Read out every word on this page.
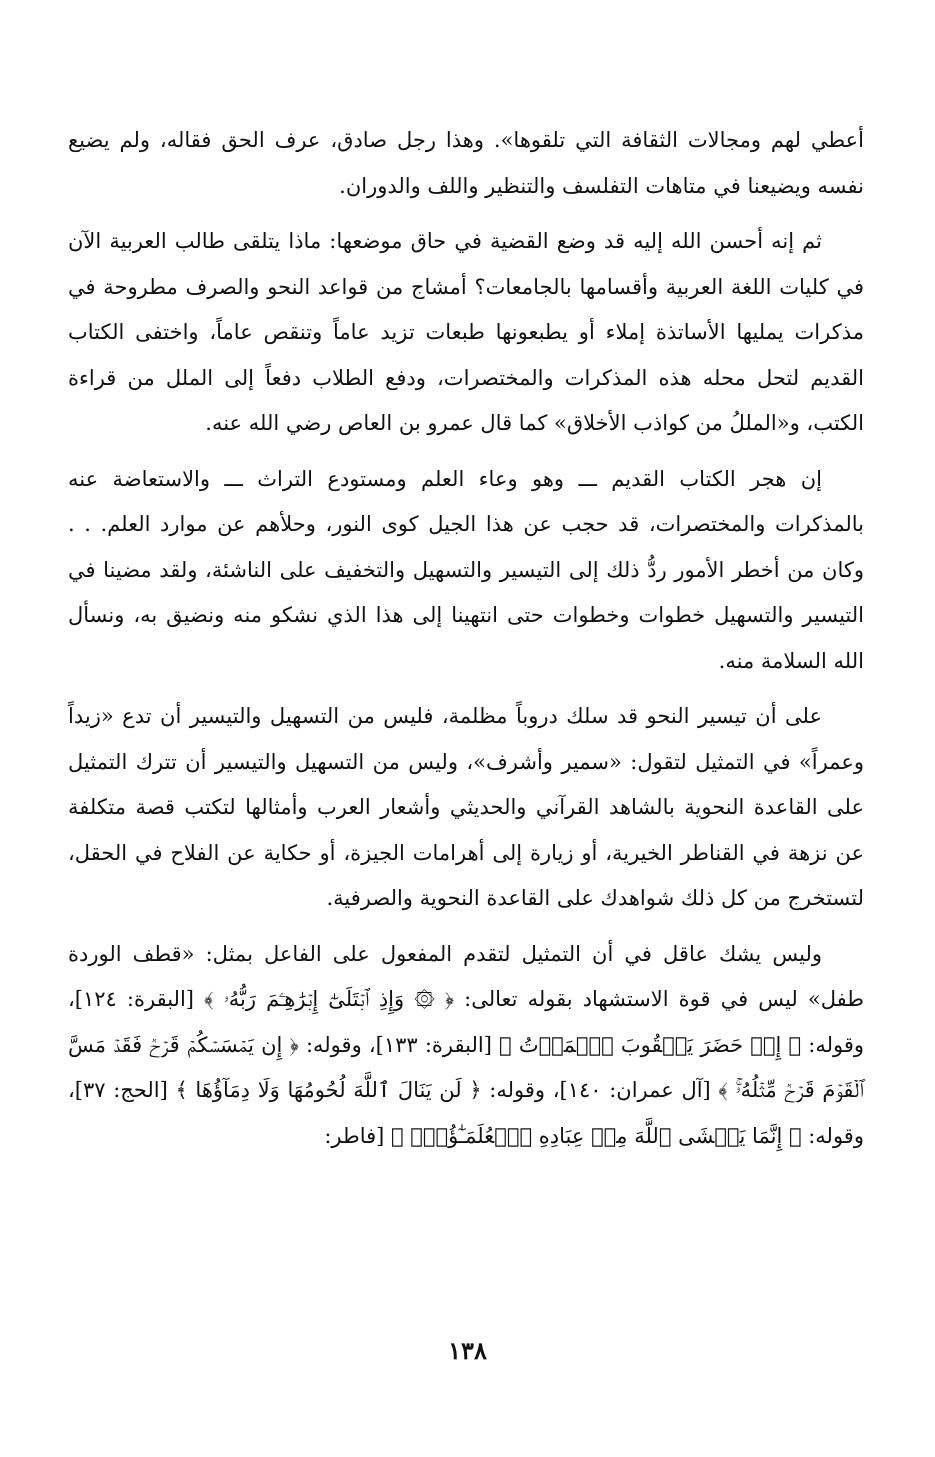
أعطي لهم ومجالات الثقافة التي تلقوها». وهذا رجل صادق، عرف الحق فقاله، ولم يضيع نفسه ويضيعنا في متاهات التفلسف والتنظير واللف والدوران.

ثم إنه أحسن الله إليه قد وضع القضية في حاق موضعها: ماذا يتلقى طالب العربية الآن في كليات اللغة العربية وأقسامها بالجامعات؟ أمشاج من قواعد النحو والصرف مطروحة في مذكرات يمليها الأساتذة إملاء أو يطبعونها طبعات تزيد عاماً وتنقص عاماً، واختفى الكتاب القديم لتحل محله هذه المذكرات والمختصرات، ودفع الطلاب دفعاً إلى الملل من قراءة الكتب، و«المللُ من كواذب الأخلاق» كما قال عمرو بن العاص رضي الله عنه.

إن هجر الكتاب القديم ـــ وهو وعاء العلم ومستودع التراث ـــ والاستعاضة عنه بالمذكرات والمختصرات، قد حجب عن هذا الجيل كوى النور، وحلأهم عن موارد العلم. . . وكان من أخطر الأمور ردُّ ذلك إلى التيسير والتسهيل والتخفيف على الناشئة، ولقد مضينا في التيسير والتسهيل خطوات وخطوات حتى انتهينا إلى هذا الذي نشكو منه ونضيق به، ونسأل الله السلامة منه.

على أن تيسير النحو قد سلك دروباً مظلمة، فليس من التسهيل والتيسير أن تدع «زيداً وعمراً» في التمثيل لتقول: «سمير وأشرف»، وليس من التسهيل والتيسير أن تترك التمثيل على القاعدة النحوية بالشاهد القرآني والحديثي وأشعار العرب وأمثالها لتكتب قصة متكلفة عن نزهة في القناطر الخيرية، أو زيارة إلى أهرامات الجيزة، أو حكاية عن الفلاح في الحقل، لتستخرج من كل ذلك شواهدك على القاعدة النحوية والصرفية.

وليس يشك عاقل في أن التمثيل لتقدم المفعول على الفاعل بمثل: «قطف الوردة طفل» ليس في قوة الاستشهاد بقوله تعالى: ﴿ ۞ وَإِذِ ٱبۡتَلَىٰٓ إِبۡرَٰهِـۧمَ رَبُّهُۥ ﴾ [البقرة: ١٢٤]، وقوله: ﴿ إِذۡ حَضَرَ يَعۡقُوبَ ٱلۡمَوۡتُ ﴾ [البقرة: ١٣٣]، وقوله: ﴿ إِن يَمۡسَسۡكُمۡ قَرۡحٞ فَقَدۡ مَسَّ ٱلۡقَوۡمَ قَرۡحٞ مِّثۡلُهُۥۚ ﴾ [آل عمران: ١٤٠]، وقوله: ﴿ لَن يَنَالَ ٱللَّهَ لُحُومُهَا وَلَا دِمَآؤُهَا ﴾ [الحج: ٣٧]، وقوله: ﴿ إِنَّمَا يَخۡشَى ٱللَّهَ مِنۡ عِبَادِهِ ٱلۡعُلَمَـٰٓؤُاْۗ ﴾ [فاطر:

١٣٨
